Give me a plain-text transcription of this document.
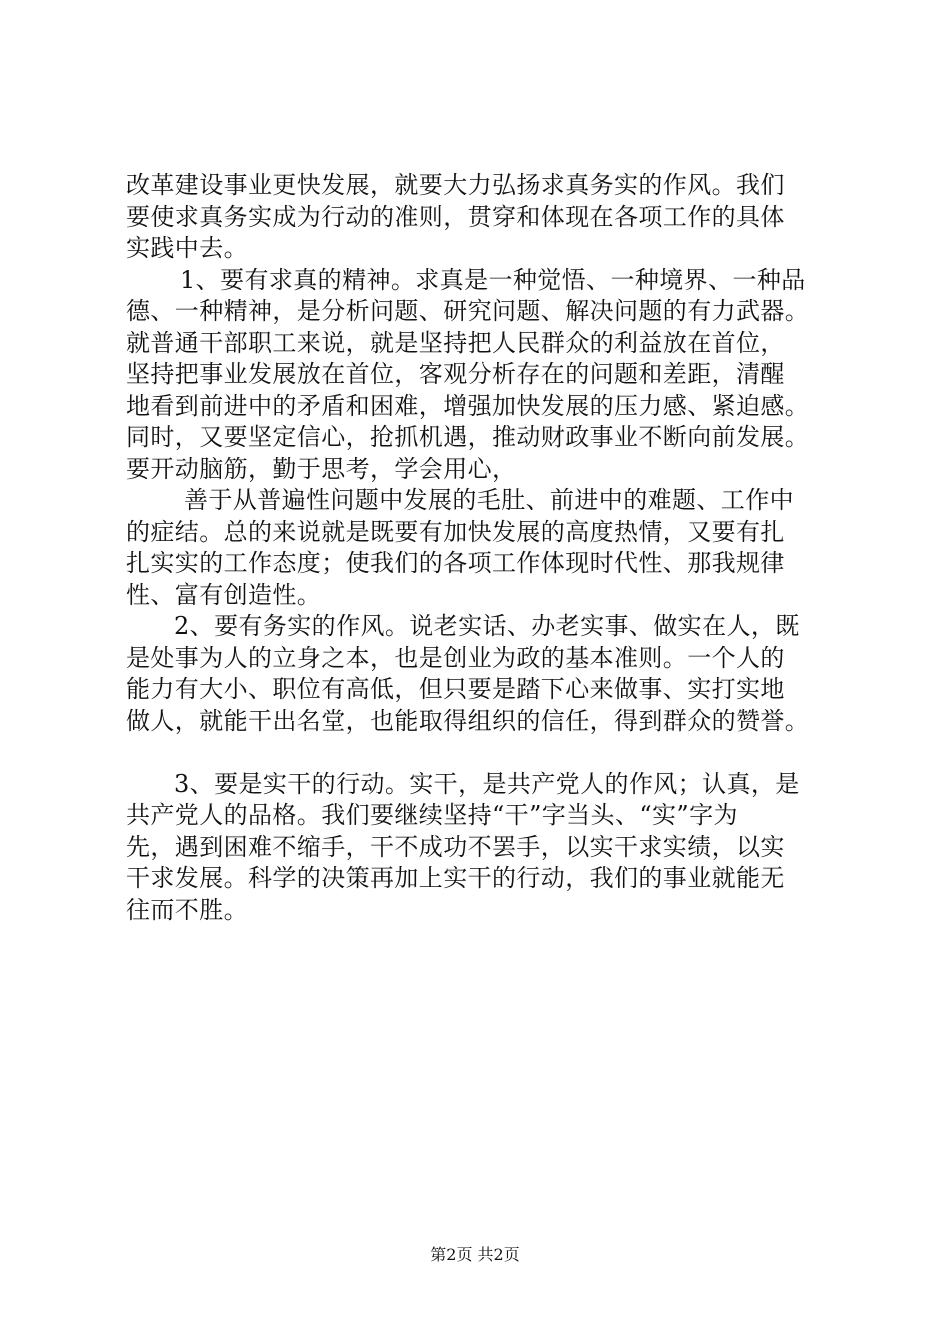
改革建设事业更快发展，就要大力弘扬求真务实的作风。我们
要使求真务实成为行动的准则，贯穿和体现在各项工作的具体
实践中去。
1、要有求真的精神。求真是一种觉悟、一种境界、一种品
德、一种精神，是分析问题、研究问题、解决问题的有力武器。
就普通干部职工来说，就是坚持把人民群众的利益放在首位，
坚持把事业发展放在首位，客观分析存在的问题和差距，清醒
地看到前进中的矛盾和困难，增强加快发展的压力感、紧迫感。
同时，又要坚定信心，抢抓机遇，推动财政事业不断向前发展。
要开动脑筋，勤于思考，学会用心，
善于从普遍性问题中发展的毛肚、前进中的难题、工作中
的症结。总的来说就是既要有加快发展的高度热情，又要有扎
扎实实的工作态度；使我们的各项工作体现时代性、那我规律
性、富有创造性。
2、要有务实的作风。说老实话、办老实事、做实在人，既
是处事为人的立身之本，也是创业为政的基本准则。一个人的
能力有大小、职位有高低，但只要是踏下心来做事、实打实地
做人，就能干出名堂，也能取得组织的信任，得到群众的赞誉。
3、要是实干的行动。实干，是共产党人的作风；认真，是
共产党人的品格。我们要继续坚持“干”字当头、“实”字为
先，遇到困难不缩手，干不成功不罢手，以实干求实绩，以实
干求发展。科学的决策再加上实干的行动，我们的事业就能无
往而不胜。
第2页 共2页
